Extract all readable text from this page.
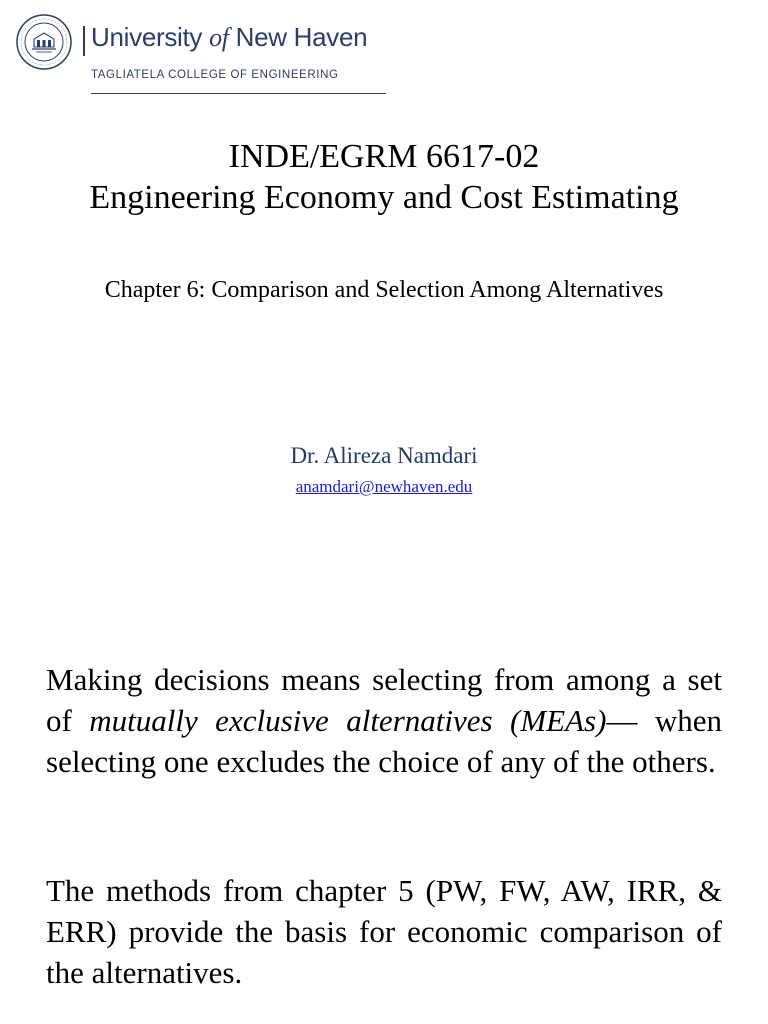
University of New Haven
TAGLIATELA COLLEGE OF ENGINEERING
INDE/EGRM 6617-02
Engineering Economy and Cost Estimating
Chapter 6: Comparison and Selection Among Alternatives
Dr. Alireza Namdari
anamdari@newhaven.edu
Making decisions means selecting from among a set of mutually exclusive alternatives (MEAs)— when selecting one excludes the choice of any of the others.
The methods from chapter 5 (PW, FW, AW, IRR, & ERR) provide the basis for economic comparison of the alternatives.
